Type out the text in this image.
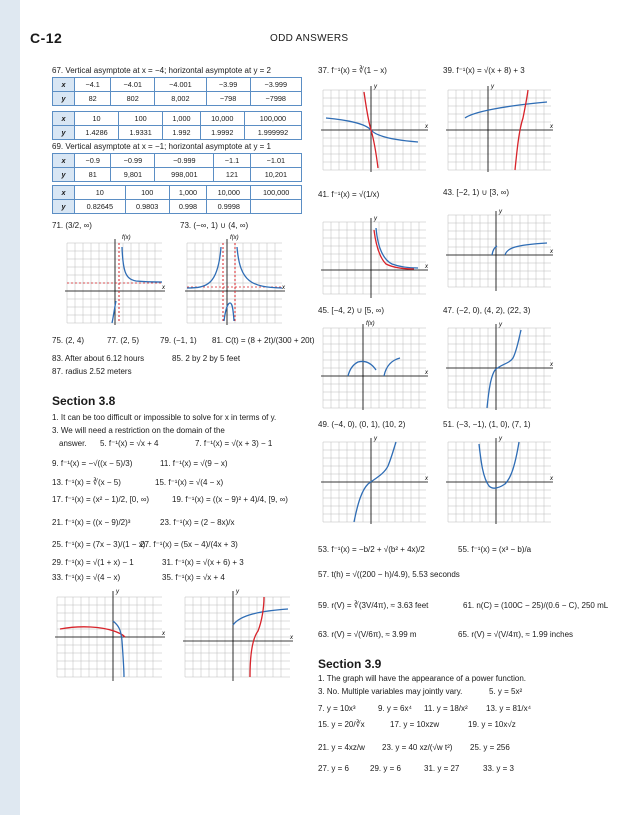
C-12	ODD ANSWERS
67. Vertical asymptote at x = −4; horizontal asymptote at y = 2
x	−4.1	−4.01	−4.001	−3.99	−3.999
y	82	802	8,002	−798	−7998
x	10	100	1,000	10,000	100,000
y	1.4286	1.9331	1.992	1.9992	1.999992
69. Vertical asymptote at x = −1; horizontal asymptote at y = 1
x	−0.9	−0.99	−0.999	−1.1	−1.01
y	81	9,801	998,001	121	10,201
x	10	100	1,000	10,000	100,000
y	0.82645	0.9803	0.998	0.9998	
71. (3/2, ∞)	73. (−∞, 1) ∪ (4, ∞)
f(x)
x
f(x)
x
75. (2, 4)	77. (2, 5)	79. (−1, 1) 81. C(t) = (8 + 2t)/(300 + 20t)
83. After about 6.12 hours	85. 2 by 2 by 5 feet
87. radius 2.52 meters
Section 3.8
1. It can be too difficult or impossible to solve for x in terms of y.
3. We will need a restriction on the domain of the
answer. 5. f⁻¹(x) = √x + 4	7. f⁻¹(x) = √(x + 3) − 1
9. f⁻¹(x) = −√((x − 5)/3)	11. f⁻¹(x) = √(9 − x)
13. f⁻¹(x) = ∛(x − 5)	15. f⁻¹(x) = √(4 − x)
17. f⁻¹(x) = (x² − 1)/2, [0, ∞)	19. f⁻¹(x) = ((x − 9)² + 4)/4, [9, ∞)
21. f⁻¹(x) = ((x − 9)/2)³	23. f⁻¹(x) = (2 − 8x)/x
25. f⁻¹(x) = (7x − 3)/(1 − x)
27. f⁻¹(x) = (5x − 4)/(4x + 3)
29. f⁻¹(x) = √(1 + x) − 1	31. f⁻¹(x) = √(x + 6) + 3
33. f⁻¹(x) = √(4 − x)	35. f⁻¹(x) = √x + 4
y
x
y
x
37. f⁻¹(x) = ∛(1 − x)	39. f⁻¹(x) = √(x + 8) + 3
y
x
y
x
41. f⁻¹(x) = √(1/x)	43. [−2, 1) ∪ [3, ∞)
y
x
y
x
45. [−4, 2) ∪ [5, ∞)	47. (−2, 0), (4, 2), (22, 3)
f(x)
x
y
x
49. (−4, 0), (0, 1), (10, 2)	51. (−3, −1), (1, 0), (7, 1)
y
x
y
x
53. f⁻¹(x) = −b/2 + √(b² + 4x)/2	55. f⁻¹(x) = (x³ − b)/a
57. t(h) = √((200 − h)/4.9), 5.53 seconds
59. r(V) = ∛(3V/4π), ≈ 3.63 feet	61. n(C) = (100C − 25)/(0.6 − C), 250 mL
63. r(V) = √(V/6π), ≈ 3.99 m	65. r(V) = √(V/4π), ≈ 1.99 inches
Section 3.9
1. The graph will have the appearance of a power function.
3. No. Multiple variables may jointly vary.	5. y = 5x²
7. y = 10x³	9. y = 6x⁴ 11. y = 18/x² 13. y = 81/x⁴
15. y = 20/∛x	17. y = 10xzw	19. y = 10x√z
21. y = 4xz/w 23. y = 40 xz/(√w t²) 25. y = 256
27. y = 6	29. y = 6	31. y = 27	33. y = 3
